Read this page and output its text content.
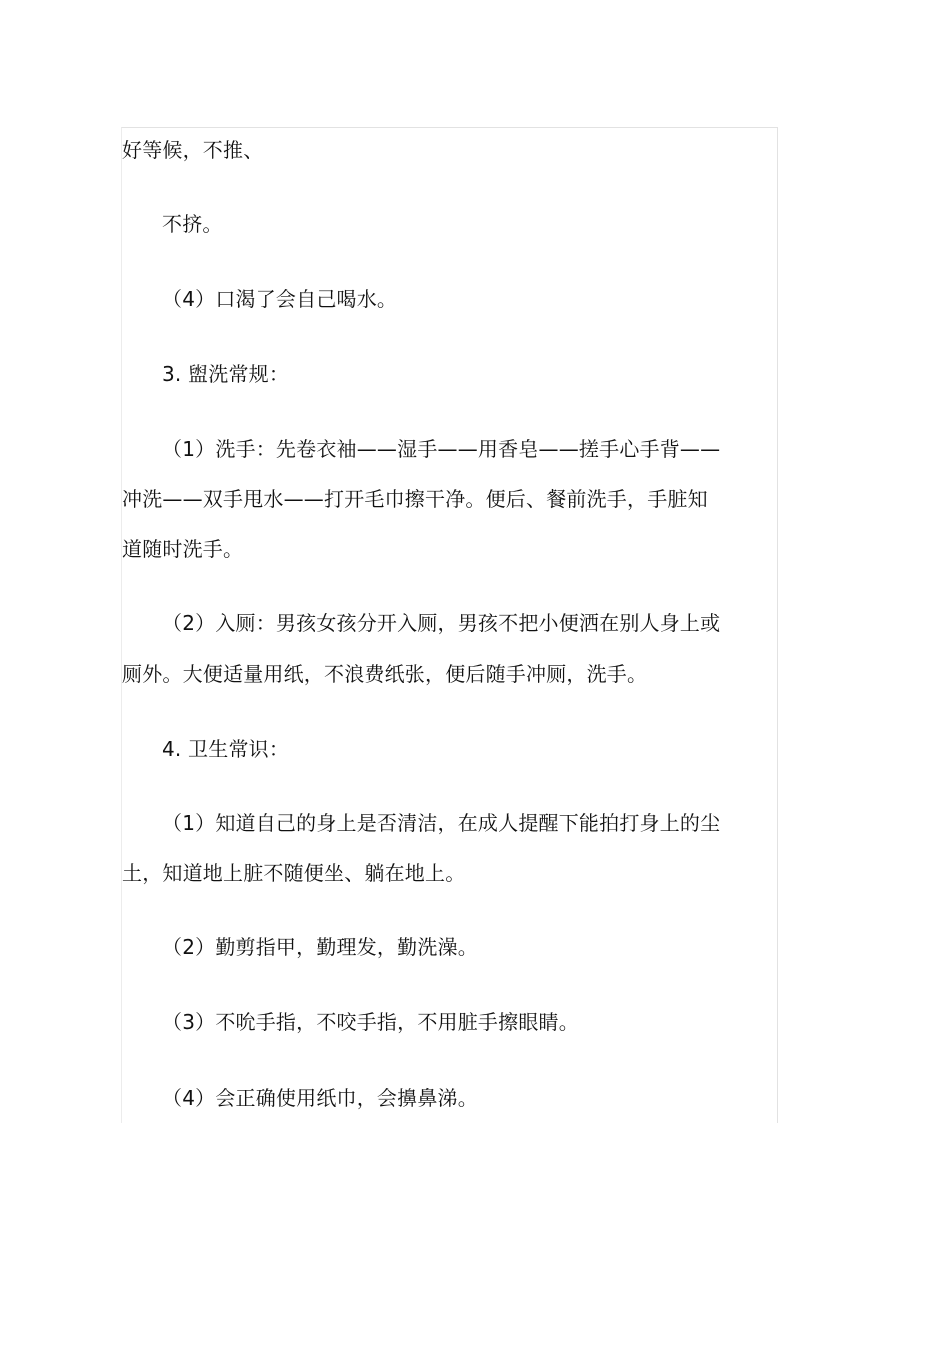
好等候，不推、
不挤。
（4）口渴了会自己喝水。
3. 盥洗常规：
（1）洗手：先卷衣袖——湿手——用香皂——搓手心手背——
冲洗——双手甩水——打开毛巾擦干净。便后、餐前洗手，手脏知
道随时洗手。
（2）入厕：男孩女孩分开入厕，男孩不把小便洒在别人身上或
厕外。大便适量用纸，不浪费纸张，便后随手冲厕，洗手。
4. 卫生常识：
（1）知道自己的身上是否清洁，在成人提醒下能拍打身上的尘
土，知道地上脏不随便坐、躺在地上。
（2）勤剪指甲，勤理发，勤洗澡。
（3）不吮手指，不咬手指，不用脏手擦眼睛。
（4）会正确使用纸巾，会擤鼻涕。
